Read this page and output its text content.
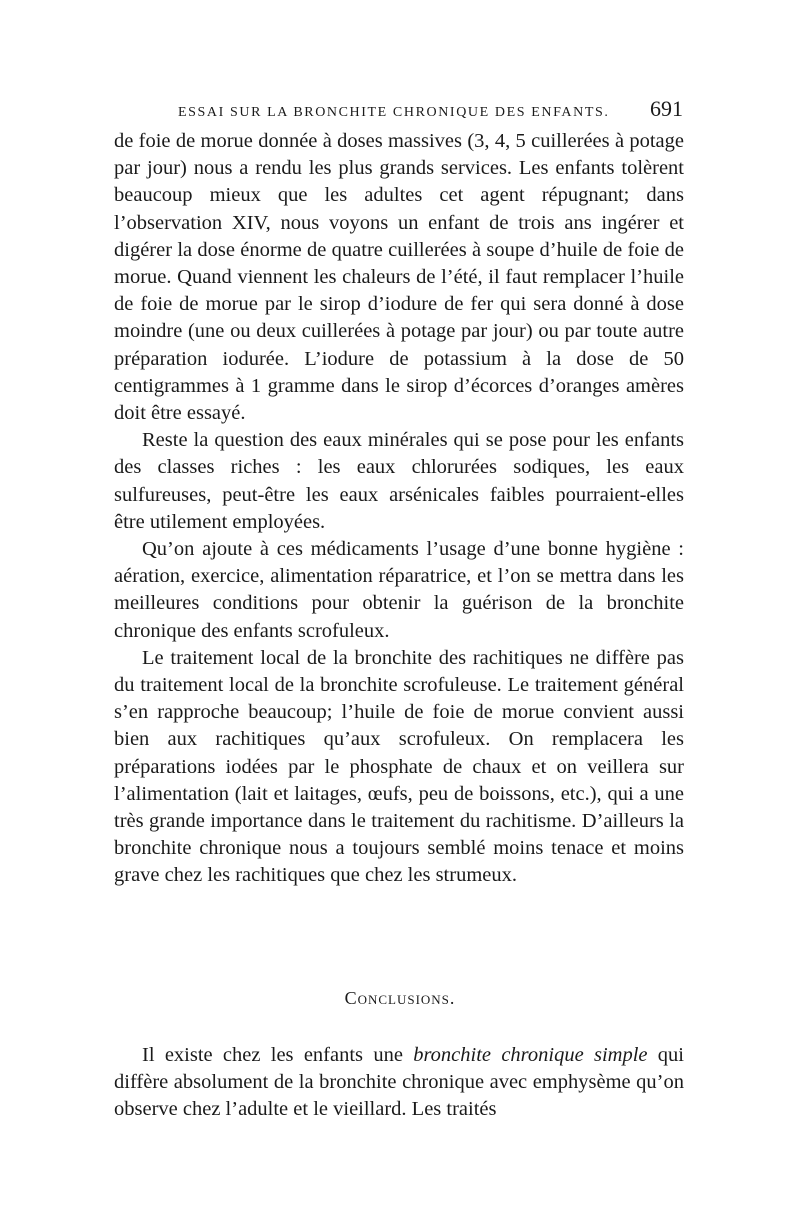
ESSAI SUR LA BRONCHITE CHRONIQUE DES ENFANTS. 691

de foie de morue donnée à doses massives (3, 4, 5 cuillerées à potage par jour) nous a rendu les plus grands services. Les enfants tolèrent beaucoup mieux que les adultes cet agent répugnant; dans l’observation XIV, nous voyons un enfant de trois ans ingérer et digérer la dose énorme de quatre cuillerées à soupe d’huile de foie de morue. Quand viennent les chaleurs de l’été, il faut remplacer l’huile de foie de morue par le sirop d’iodure de fer qui sera donné à dose moindre (une ou deux cuillerées à potage par jour) ou par toute autre préparation iodurée. L’iodure de potassium à la dose de 50 centigrammes à 1 gramme dans le sirop d’écorces d’oranges amères doit être essayé.

Reste la question des eaux minérales qui se pose pour les enfants des classes riches : les eaux chlorurées sodiques, les eaux sulfureuses, peut-être les eaux arsénicales faibles pourraient-elles être utilement employées.

Qu’on ajoute à ces médicaments l’usage d’une bonne hygiène : aération, exercice, alimentation réparatrice, et l’on se mettra dans les meilleures conditions pour obtenir la guérison de la bronchite chronique des enfants scrofuleux.

Le traitement local de la bronchite des rachitiques ne diffère pas du traitement local de la bronchite scrofuleuse. Le traitement général s’en rapproche beaucoup; l’huile de foie de morue convient aussi bien aux rachitiques qu’aux scrofuleux. On remplacera les préparations iodées par le phosphate de chaux et on veillera sur l’alimentation (lait et laitages, œufs, peu de boissons, etc.), qui a une très grande importance dans le traitement du rachitisme. D’ailleurs la bronchite chronique nous a toujours semblé moins tenace et moins grave chez les rachitiques que chez les strumeux.

Conclusions.

Il existe chez les enfants une bronchite chronique simple qui diffère absolument de la bronchite chronique avec emphysème qu’on observe chez l’adulte et le vieillard. Les traités
